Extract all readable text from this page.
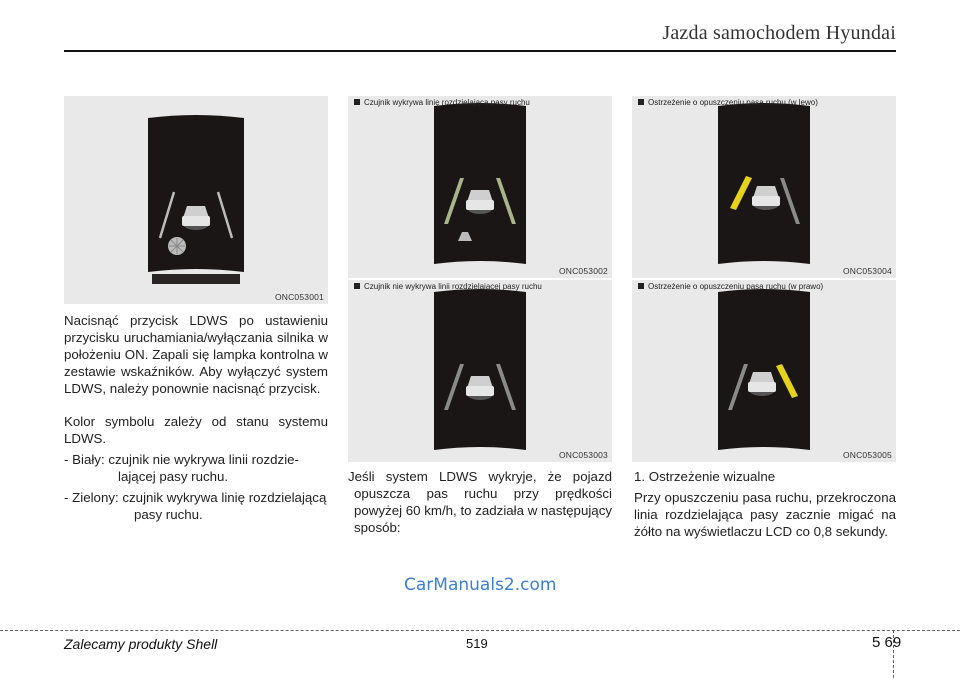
Jazda samochodem Hyundai
ONC053001
Czujnik wykrywa linię rozdzielającą pasy ruchu
ONC053002
Czujnik nie wykrywa linii rozdzielającej pasy ruchu
ONC053003
Ostrzeżenie o opuszczeniu pasa ruchu (w lewo)
ONC053004
Ostrzeżenie o opuszczeniu pasa ruchu (w prawo)
ONC053005

Nacisnąć przycisk LDWS po ustawieniu przycisku uruchamiania/wyłączania silnika w położeniu ON. Zapali się lampka kontrolna w zestawie wskaźników. Aby wyłączyć system LDWS, należy ponownie nacisnąć przycisk.

Kolor symbolu zależy od stanu systemu LDWS.

- Biały: czujnik nie wykrywa linii rozdzielającej pasy ruchu.

- Zielony: czujnik wykrywa linię rozdzielającą pasy ruchu.

Jeśli system LDWS wykryje, że pojazd opuszcza pas ruchu przy prędkości powyżej 60 km/h, to zadziała w następujący sposób:

1. Ostrzeżenie wizualne

Przy opuszczeniu pasa ruchu, przekroczona linia rozdzielająca pasy zacznie migać na żółto na wyświetlaczu LCD co 0,8 sekundy.

CarManuals2.com
Zalecamy produkty Shell	519	5 69
